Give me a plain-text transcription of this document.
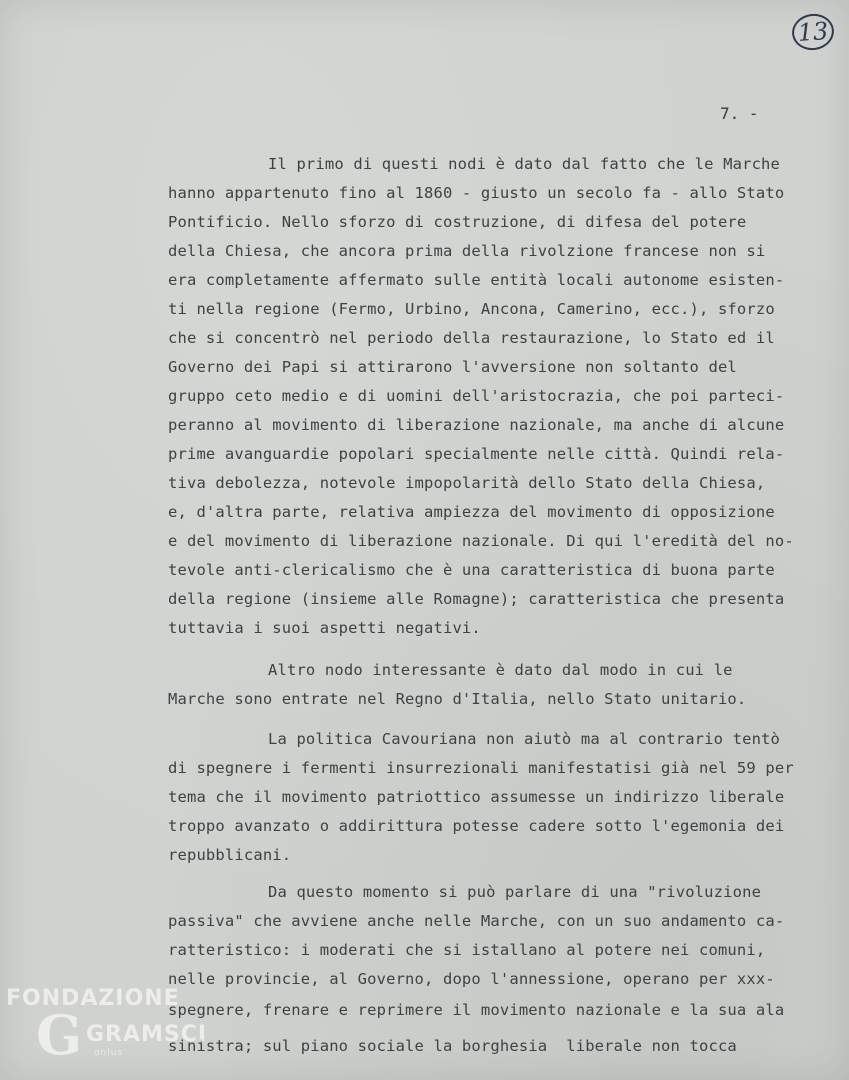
13
7. -
Il primo di questi nodi è dato dal fatto che le Marche
hanno appartenuto fino al 1860 - giusto un secolo fa - allo Stato
Pontificio. Nello sforzo di costruzione, di difesa del potere
della Chiesa, che ancora prima della rivolzione francese non si
era completamente affermato sulle entità locali autonome esisten-
ti nella regione (Fermo, Urbino, Ancona, Camerino, ecc.), sforzo
che si concentrò nel periodo della restaurazione, lo Stato ed il
Governo dei Papi si attirarono l'avversione non soltanto del
gruppo ceto medio e di uomini dell'aristocrazia, che poi parteci-
peranno al movimento di liberazione nazionale, ma anche di alcune
prime avanguardie popolari specialmente nelle città. Quindi rela-
tiva debolezza, notevole impopolarità dello Stato della Chiesa,
e, d'altra parte, relativa ampiezza del movimento di opposizione
e del movimento di liberazione nazionale. Di qui l'eredità del no-
tevole anti-clericalismo che è una caratteristica di buona parte
della regione (insieme alle Romagne); caratteristica che presenta
tuttavia i suoi aspetti negativi.
Altro nodo interessante è dato dal modo in cui le
Marche sono entrate nel Regno d'Italia, nello Stato unitario.
La politica Cavouriana non aiutò ma al contrario tentò
di spegnere i fermenti insurrezionali manifestatisi già nel 59 per
tema che il movimento patriottico assumesse un indirizzo liberale
troppo avanzato o addirittura potesse cadere sotto l'egemonia dei
repubblicani.
Da questo momento si può parlare di una "rivoluzione
passiva" che avviene anche nelle Marche, con un suo andamento ca-
ratteristico: i moderati che si istallano al potere nei comuni,
nelle provincie, al Governo, dopo l'annessione, operano per xxx-
spegnere, frenare e reprimere il movimento nazionale e la sua ala
sinistra; sul piano sociale la borghesia  liberale non tocca
FONDAZIONE
G GRAMSCI
onlus
